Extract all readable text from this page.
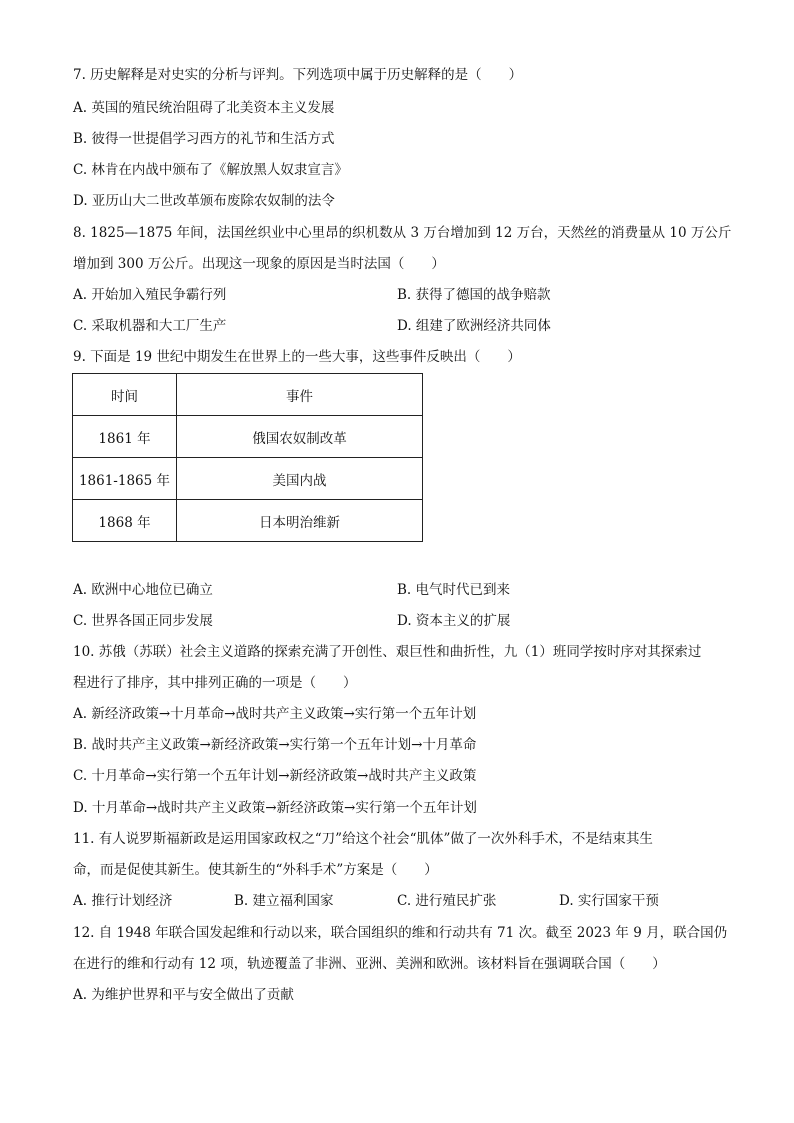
7. 历史解释是对史实的分析与评判。下列选项中属于历史解释的是（　　）
A. 英国的殖民统治阻碍了北美资本主义发展
B. 彼得一世提倡学习西方的礼节和生活方式
C. 林肯在内战中颁布了《解放黑人奴隶宣言》
D. 亚历山大二世改革颁布废除农奴制的法令
8. 1825—1875 年间，法国丝织业中心里昂的织机数从 3 万台增加到 12 万台，天然丝的消费量从 10 万公斤
增加到 300 万公斤。出现这一现象的原因是当时法国（　　）
A. 开始加入殖民争霸行列	B. 获得了德国的战争赔款
C. 采取机器和大工厂生产	D. 组建了欧洲经济共同体
9. 下面是 19 世纪中期发生在世界上的一些大事，这些事件反映出（　　）
时间	事件
1861 年	俄国农奴制改革
1861-1865 年	美国内战
1868 年	日本明治维新
A. 欧洲中心地位已确立	B. 电气时代已到来
C. 世界各国正同步发展	D. 资本主义的扩展
10. 苏俄（苏联）社会主义道路的探索充满了开创性、艰巨性和曲折性，九（1）班同学按时序对其探索过
程进行了排序，其中排列正确的一项是（　　）
A. 新经济政策→十月革命→战时共产主义政策→实行第一个五年计划
B. 战时共产主义政策→新经济政策→实行第一个五年计划→十月革命
C. 十月革命→实行第一个五年计划→新经济政策→战时共产主义政策
D. 十月革命→战时共产主义政策→新经济政策→实行第一个五年计划
11. 有人说罗斯福新政是运用国家政权之“刀”给这个社会“肌体”做了一次外科手术，不是结束其生
命，而是促使其新生。使其新生的“外科手术”方案是（　　）
A. 推行计划经济	B. 建立福利国家	C. 进行殖民扩张	D. 实行国家干预
12. 自 1948 年联合国发起维和行动以来，联合国组织的维和行动共有 71 次。截至 2023 年 9 月，联合国仍
在进行的维和行动有 12 项，轨迹覆盖了非洲、亚洲、美洲和欧洲。该材料旨在强调联合国（　　）
A. 为维护世界和平与安全做出了贡献
